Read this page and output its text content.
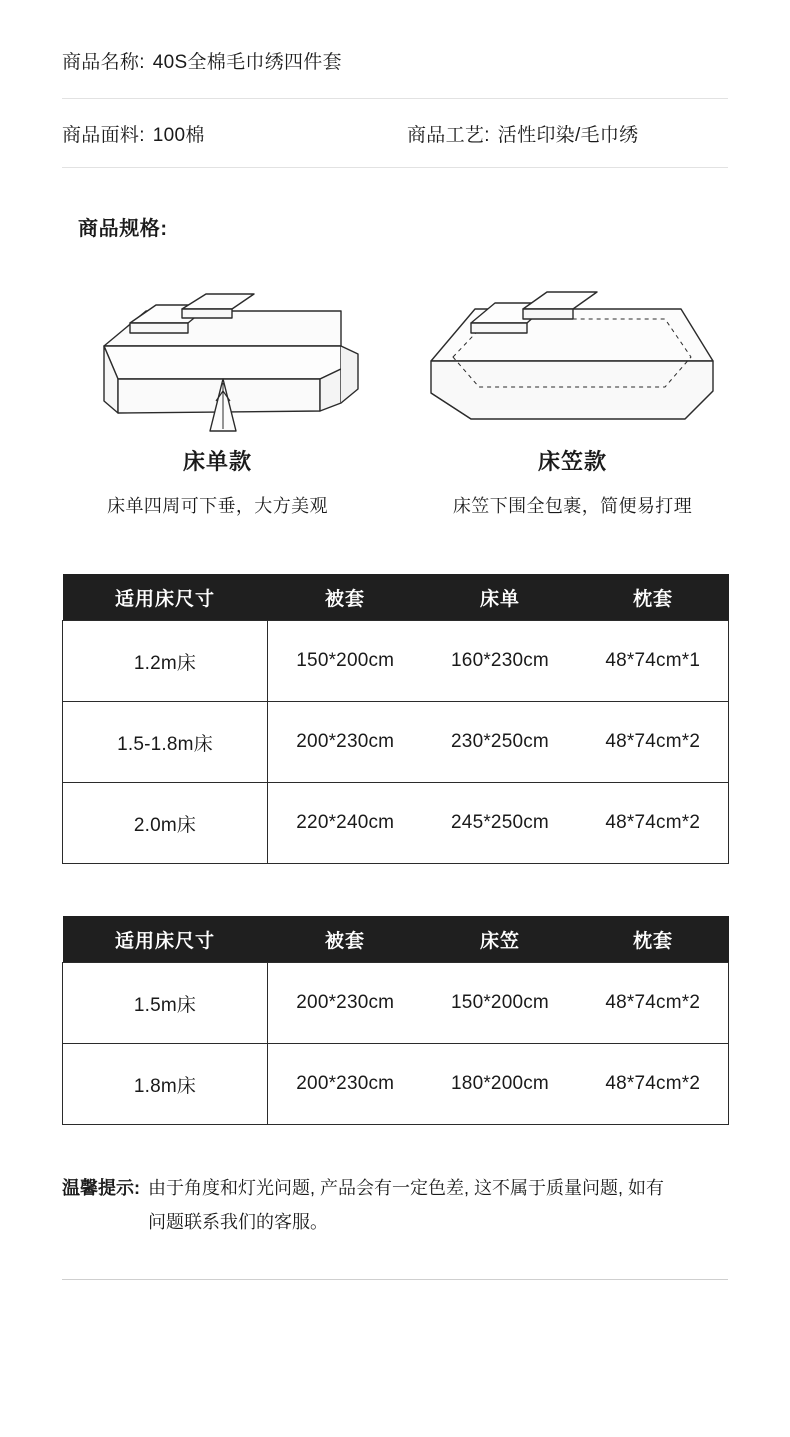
商品名称: 40S全棉毛巾绣四件套
商品面料: 100棉	商品工艺: 活性印染/毛巾绣
商品规格:
床单款
床单四周可下垂，大方美观
床笠款
床笠下围全包裹，简便易打理
适用床尺寸	被套	床单	枕套
1.2m床	150*200cm	160*230cm	48*74cm*1
1.5-1.8m床	200*230cm	230*250cm	48*74cm*2
2.0m床	220*240cm	245*250cm	48*74cm*2
适用床尺寸	被套	床笠	枕套
1.5m床	200*230cm	150*200cm	48*74cm*2
1.8m床	200*230cm	180*200cm	48*74cm*2
温馨提示: 由于角度和灯光问题, 产品会有一定色差, 这不属于质量问题, 如有问题联系我们的客服。
